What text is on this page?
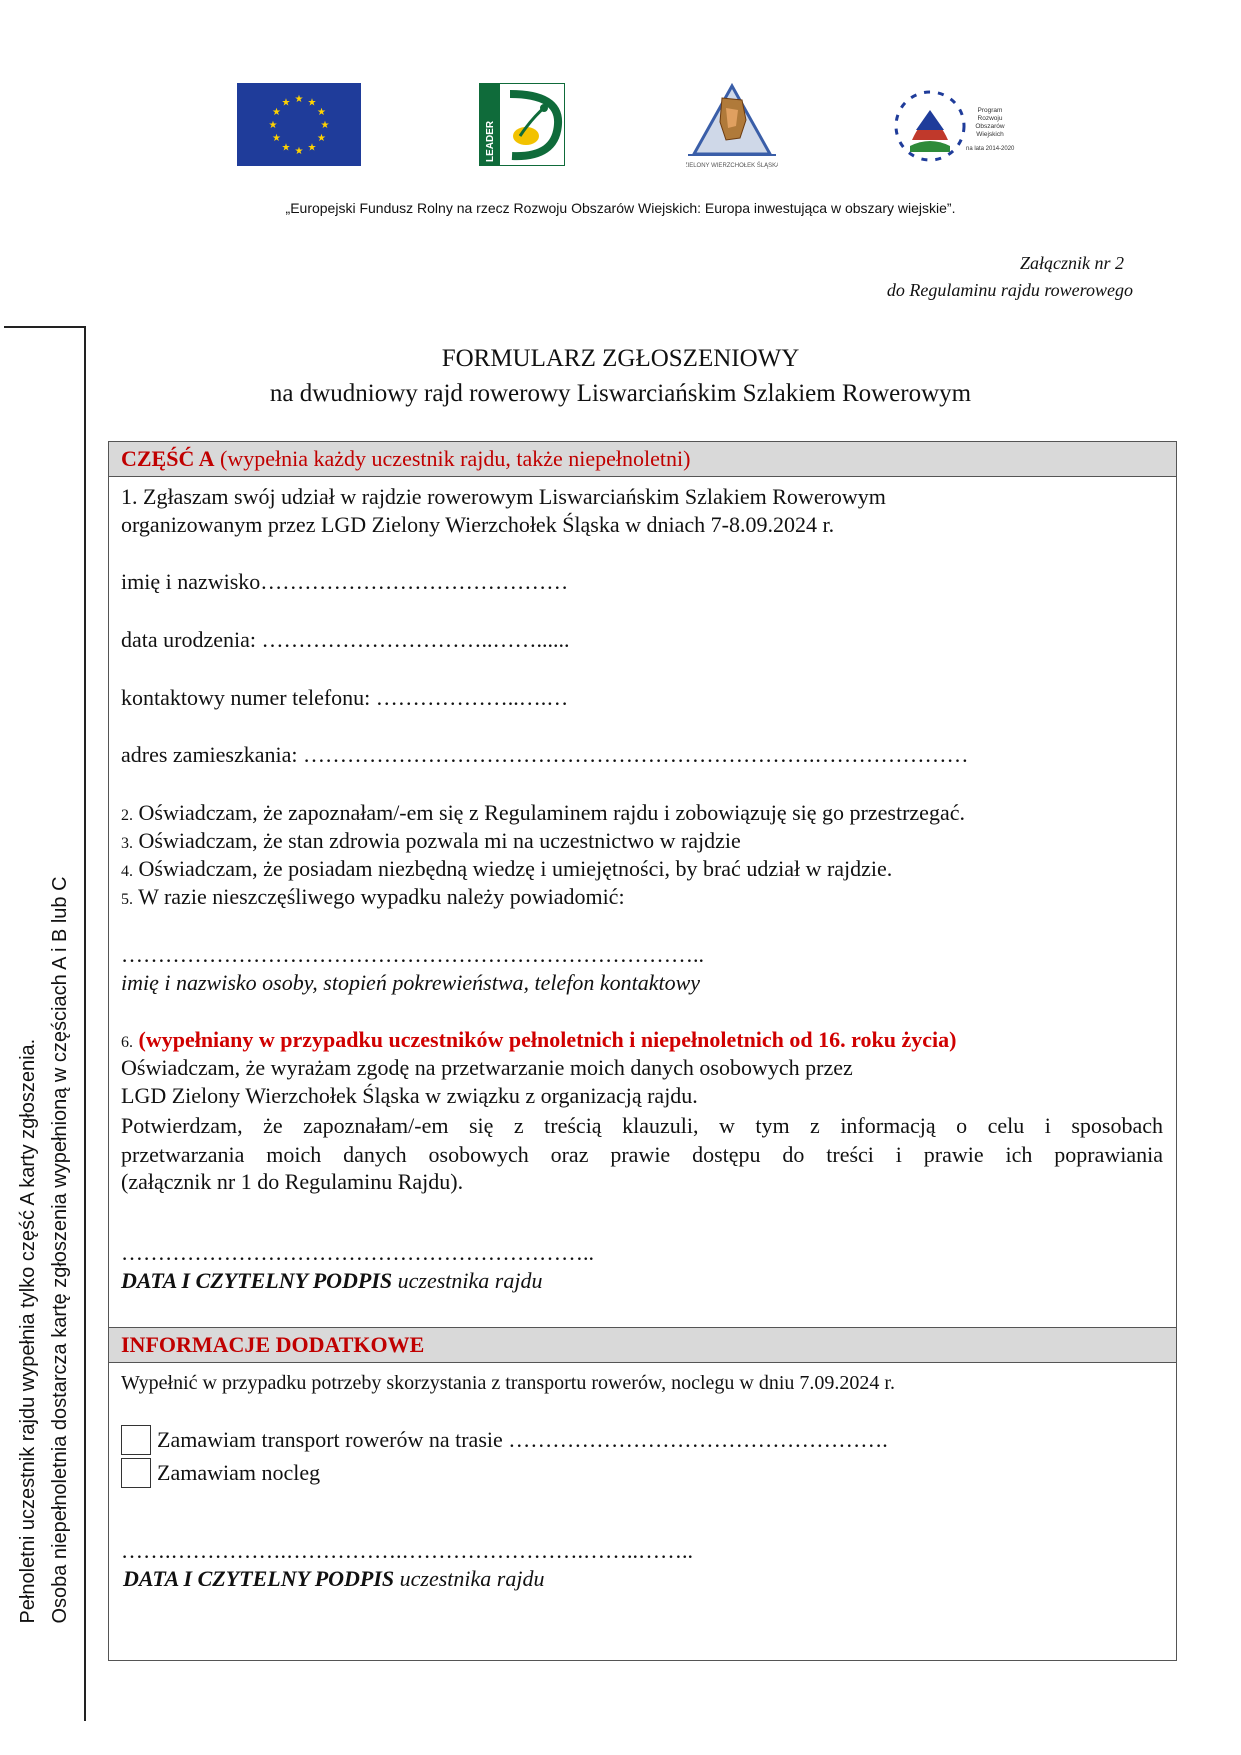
★ ★
★
★
★
★
★
★
★
★
★
★
LEADER
ZIELONY WIERZCHOŁEK ŚLĄSKA
Program
Rozwoju
Obszarów
Wiejskich
na lata 2014-2020
„Europejski Fundusz Rolny na rzecz Rozwoju Obszarów Wiejskich: Europa inwestująca w obszary wiejskie”.
Załącznik nr 2
do Regulaminu rajdu rowerowego
FORMULARZ ZGŁOSZENIOWY
na dwudniowy rajd rowerowy Liswarciańskim Szlakiem Rowerowym
Pełnoletni uczestnik rajdu wypełnia tylko część A karty zgłoszenia. Osoba niepełnoletnia dostarcza kartę zgłoszenia wypełnioną w częściach A i B lub C
CZĘŚĆ A (wypełnia każdy uczestnik rajdu, także niepełnoletni)
1. Zgłaszam swój udział w rajdzie rowerowym Liswarciańskim Szlakiem Rowerowym
organizowanym przez LGD Zielony Wierzchołek Śląska w dniach 7-8.09.2024 r.
imię i nazwisko……………………………………
data urodzenia: …………………………..……......
kontaktowy numer telefonu: ………………..….…
adres zamieszkania: …………………………………………………………….…………………
2. Oświadczam, że zapoznałam/-em się z Regulaminem rajdu i zobowiązuję się go przestrzegać.
3. Oświadczam, że stan zdrowia pozwala mi na uczestnictwo w rajdzie
4. Oświadczam, że posiadam niezbędną wiedzę i umiejętności, by brać udział w rajdzie.
5. W razie nieszczęśliwego wypadku należy powiadomić:
……………………………………………………………………..
imię i nazwisko osoby, stopień pokrewieństwa, telefon kontaktowy
6. (wypełniany w przypadku uczestników pełnoletnich i niepełnoletnich od 16. roku życia)
Oświadczam, że wyrażam zgodę na przetwarzanie moich danych osobowych przez
LGD Zielony Wierzchołek Śląska w związku z organizacją rajdu.
Potwierdzam, że zapoznałam/-em się z treścią klauzuli, w tym z informacją o celu i sposobach
przetwarzania moich danych osobowych oraz prawie dostępu do treści i prawie ich poprawiania
(załącznik nr 1 do Regulaminu Rajdu).
………………………………………………………..
DATA I CZYTELNY PODPIS uczestnika rajdu
INFORMACJE DODATKOWE
Wypełnić w przypadku potrzeby skorzystania z transportu rowerów, noclegu w dniu 7.09.2024 r.
Zamawiam transport rowerów na trasie …………………………………………….
Zamawiam nocleg
…….…………….…………….…………………….……..……..
DATA I CZYTELNY PODPIS uczestnika rajdu
